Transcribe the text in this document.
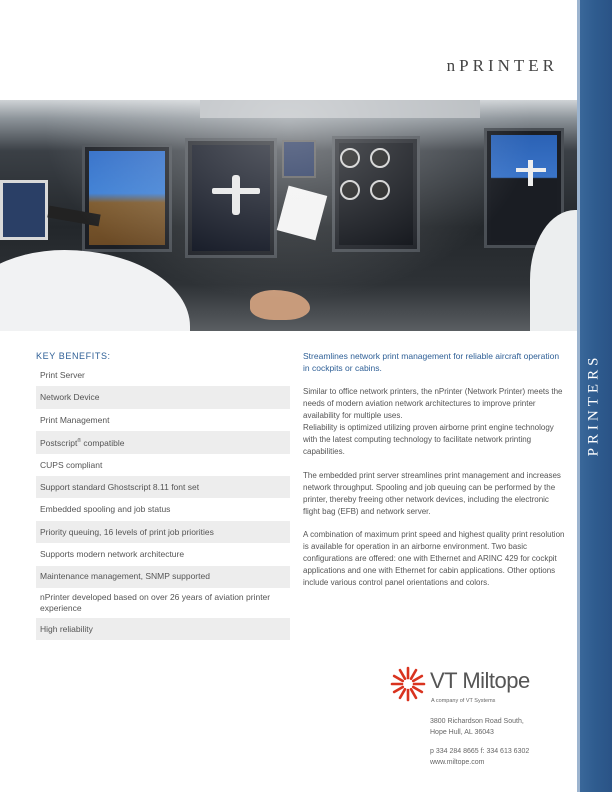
PRINTERS
nPRINTER
KEY BENEFITS:
Print Server
Network Device
Print Management
Postscript® compatible
CUPS compliant
Support standard Ghostscript 8.11 font set
Embedded spooling and job status
Priority queuing, 16 levels of print job priorities
Supports modern network architecture
Maintenance management, SNMP supported
nPrinter developed based on over 26 years of aviation printer experience
High reliability

Streamlines network print management for reliable aircraft operation in cockpits or cabins.

Similar to office network printers, the nPrinter (Network Printer) meets the needs of modern aviation network architectures to improve printer availability for multiple uses.
Reliability is optimized utilizing proven airborne print engine technology with the latest computing technology to facilitate network printing capabilities.

The embedded print server streamlines print management and increases network throughput. Spooling and job queuing can be performed by the printer, thereby freeing other network devices, including the electronic flight bag (EFB) and network server.

A combination of maximum print speed and highest quality print resolution is available for operation in an airborne environment. Two basic configurations are offered: one with Ethernet and ARINC 429 for cockpit applications and one with Ethernet for cabin applications. Other options include various control panel orientations and colors.

VT Miltope
A company of VT Systems
3800 Richardson Road South,
Hope Hull, AL 36043
p 334 284 8665 f: 334 613 6302
www.miltope.com
